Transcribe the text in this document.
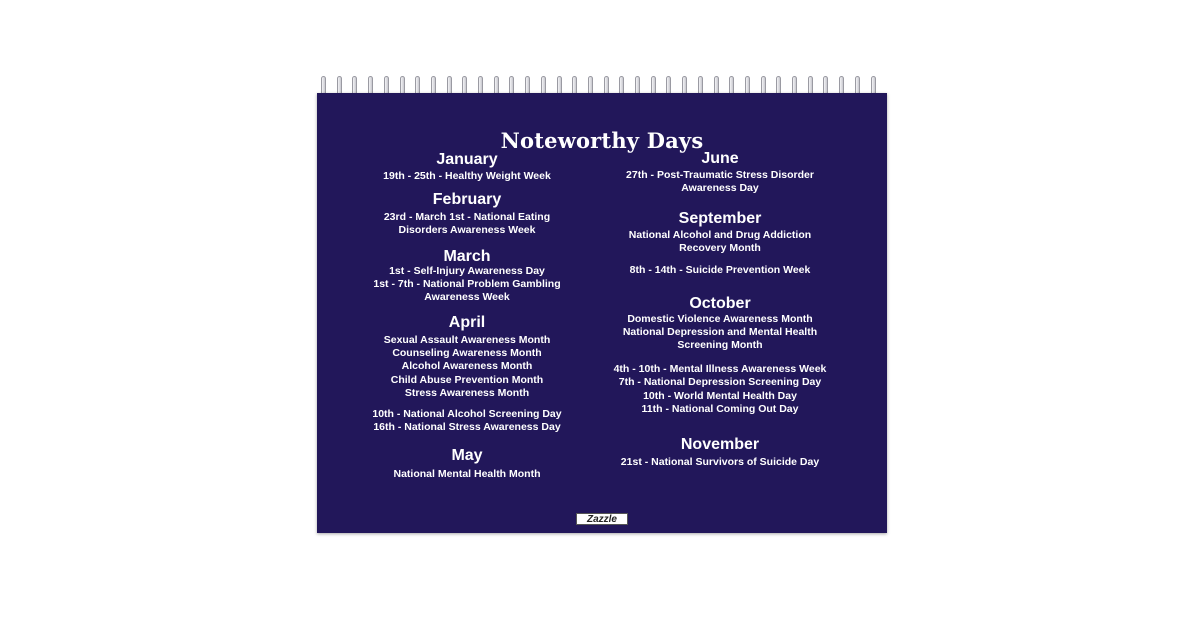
Noteworthy Days
January
19th - 25th - Healthy Weight Week
February
23rd - March 1st - National Eating
Disorders Awareness Week
March
1st - Self-Injury Awareness Day
1st - 7th - National Problem Gambling
Awareness Week
April
Sexual Assault Awareness Month
Counseling Awareness Month
Alcohol Awareness Month
Child Abuse Prevention Month
Stress Awareness Month
10th - National Alcohol Screening Day
16th - National Stress Awareness Day
May
National Mental Health Month
June
27th - Post-Traumatic Stress Disorder
Awareness Day
September
National Alcohol and Drug Addiction
Recovery Month
8th - 14th - Suicide Prevention Week
October
Domestic Violence Awareness Month
National Depression and Mental Health
Screening Month
4th - 10th - Mental Illness Awareness Week
7th - National Depression Screening Day
10th - World Mental Health Day
11th - National Coming Out Day
November
21st - National Survivors of Suicide Day
Zazzle
